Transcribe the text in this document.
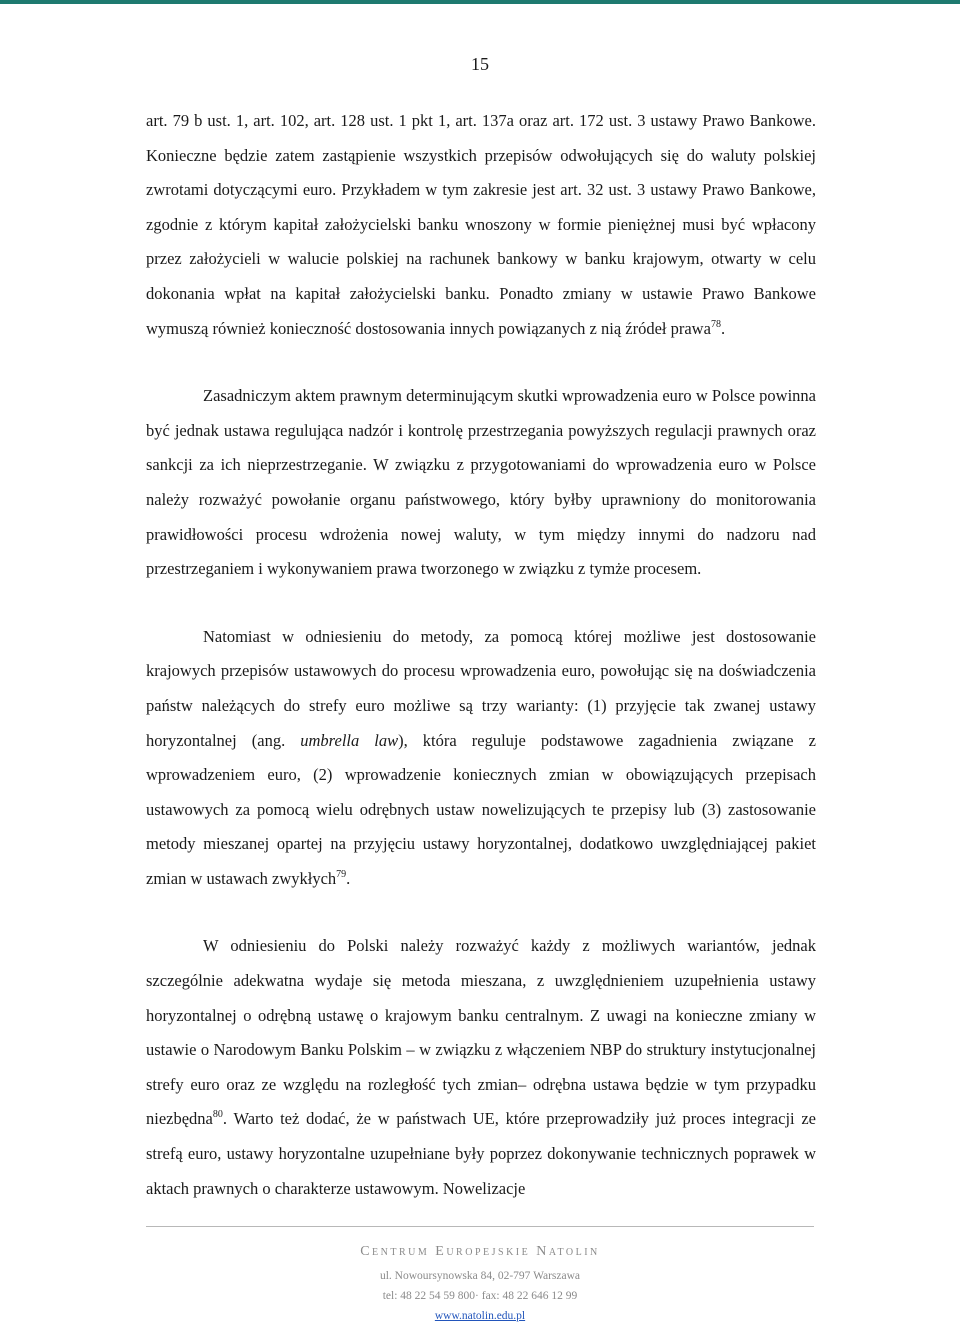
15

art. 79 b ust. 1, art. 102, art. 128 ust. 1 pkt 1, art. 137a oraz art. 172 ust. 3 ustawy Prawo Bankowe. Konieczne będzie zatem zastąpienie wszystkich przepisów odwołujących się do waluty polskiej zwrotami dotyczącymi euro. Przykładem w tym zakresie jest art. 32 ust. 3 ustawy Prawo Bankowe, zgodnie z którym kapitał założycielski banku wnoszony w formie pieniężnej musi być wpłacony przez założycieli w walucie polskiej na rachunek bankowy w banku krajowym, otwarty w celu dokonania wpłat na kapitał założycielski banku. Ponadto zmiany w ustawie Prawo Bankowe wymuszą również konieczność dostosowania innych powiązanych z nią źródeł prawa$^{78}$.

Zasadniczym aktem prawnym determinującym skutki wprowadzenia euro w Polsce powinna być jednak ustawa regulująca nadzór i kontrolę przestrzegania powyższych regulacji prawnych oraz sankcji za ich nieprzestrzeganie. W związku z przygotowaniami do wprowadzenia euro w Polsce należy rozważyć powołanie organu państwowego, który byłby uprawniony do monitorowania prawidłowości procesu wdrożenia nowej waluty, w tym między innymi do nadzoru nad przestrzeganiem i wykonywaniem prawa tworzonego w związku z tymże procesem.

Natomiast w odniesieniu do metody, za pomocą której możliwe jest dostosowanie krajowych przepisów ustawowych do procesu wprowadzenia euro, powołując się na doświadczenia państw należących do strefy euro możliwe są trzy warianty: (1) przyjęcie tak zwanej ustawy horyzontalnej (ang. umbrella law), która reguluje podstawowe zagadnienia związane z wprowadzeniem euro, (2) wprowadzenie koniecznych zmian w obowiązujących przepisach ustawowych za pomocą wielu odrębnych ustaw nowelizujących te przepisy lub (3) zastosowanie metody mieszanej opartej na przyjęciu ustawy horyzontalnej, dodatkowo uwzględniającej pakiet zmian w ustawach zwykłych$^{79}$.

W odniesieniu do Polski należy rozważyć każdy z możliwych wariantów, jednak szczególnie adekwatna wydaje się metoda mieszana, z uwzględnieniem uzupełnienia ustawy horyzontalnej o odrębną ustawę o krajowym banku centralnym. Z uwagi na konieczne zmiany w ustawie o Narodowym Banku Polskim – w związku z włączeniem NBP do struktury instytucjonalnej strefy euro oraz ze względu na rozległość tych zmian– odrębna ustawa będzie w tym przypadku niezbędna$^{80}$. Warto też dodać, że w państwach UE, które przeprowadziły już proces integracji ze strefą euro, ustawy horyzontalne uzupełniane były poprzez dokonywanie technicznych poprawek w aktach prawnych o charakterze ustawowym. Nowelizacje

Centrum Europejskie Natolin
ul. Nowoursynowska 84, 02-797 Warszawa
tel: 48 22 54 59 800· fax: 48 22 646 12 99
www.natolin.edu.pl
